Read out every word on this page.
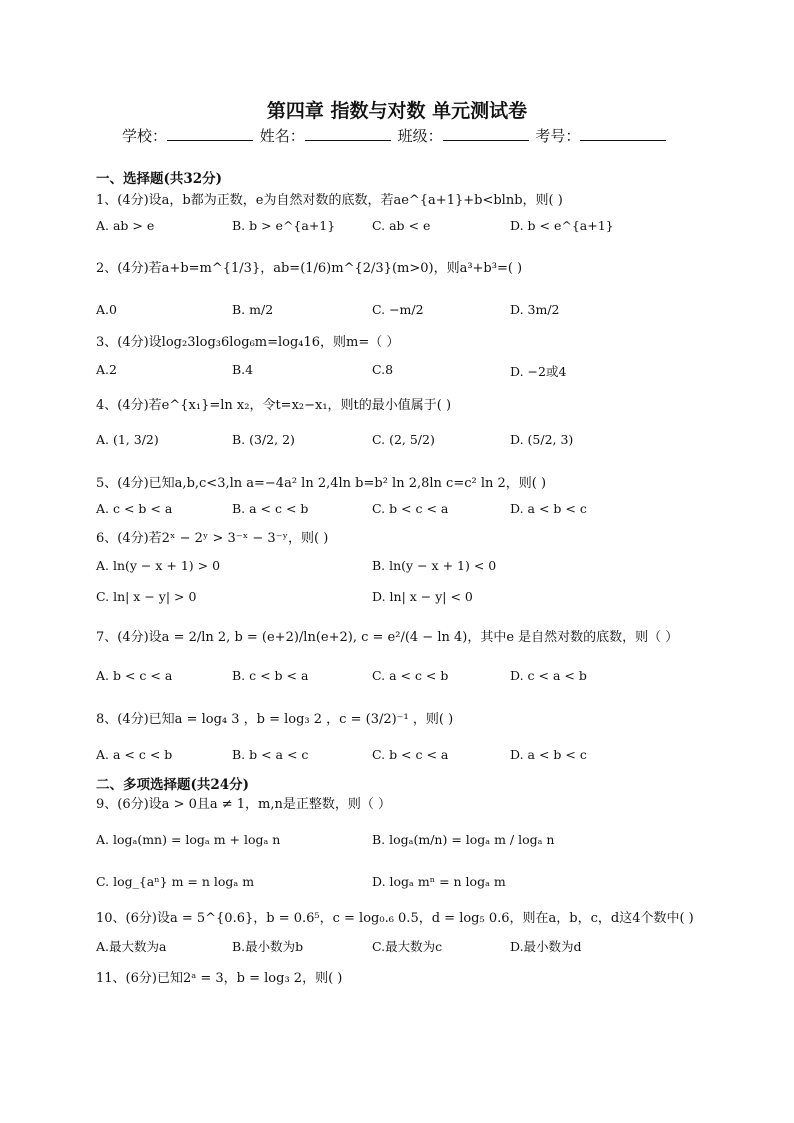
第四章 指数与对数 单元测试卷
学校：	姓名：	班级：	考号：
一、选择题(共32分)
1、(4分)设a，b都为正数，e为自然对数的底数，若ae^{a+1}+b<blnb，则( )
A. ab > e	B. b > e^{a+1}	C. ab < e	D. b < e^{a+1}
2、(4分)若a+b=m^{1/3}，ab=(1/6)m^{2/3}(m>0)，则a³+b³=( )
A.0	B. m/2	C. −m/2	D. 3m/2
3、(4分)设log₂3log₃6log₆m=log₄16，则m=（ ）
A.2	B.4	C.8	D. −2或4
4、(4分)若e^{x₁}=ln x₂，令t=x₂−x₁，则t的最小值属于( )
A. (1, 3/2)	B. (3/2, 2)	C. (2, 5/2)	D. (5/2, 3)
5、(4分)已知a,b,c<3,ln a=−4a² ln 2,4ln b=b² ln 2,8ln c=c² ln 2，则( )
A. c < b < a	B. a < c < b	C. b < c < a	D. a < b < c
6、(4分)若2ˣ − 2ʸ > 3⁻ˣ − 3⁻ʸ，则( )
A. ln(y − x + 1) > 0	B. ln(y − x + 1) < 0
C. ln| x − y| > 0	D. ln| x − y| < 0
7、(4分)设a = 2/ln 2, b = (e+2)/ln(e+2), c = e²/(4 − ln 4)，其中e 是自然对数的底数，则（ ）
A. b < c < a	B. c < b < a	C. a < c < b	D. c < a < b
8、(4分)已知a = log₄ 3 ，b = log₃ 2 ，c = (3/2)⁻¹ ，则( )
A. a < c < b	B. b < a < c	C. b < c < a	D. a < b < c
二、多项选择题(共24分)
9、(6分)设a > 0且a ≠ 1，m,n是正整数，则（ ）
A. logₐ(mn) = logₐ m + logₐ n	B. logₐ(m/n) = logₐ m / logₐ n
C. log_{aⁿ} m = n logₐ m	D. logₐ mⁿ = n logₐ m
10、(6分)设a = 5^{0.6}，b = 0.6⁵，c = log₀.₆ 0.5，d = log₅ 0.6，则在a，b，c，d这4个数中( )
A.最大数为a	B.最小数为b	C.最大数为c	D.最小数为d
11、(6分)已知2ᵃ = 3，b = log₃ 2，则( )
